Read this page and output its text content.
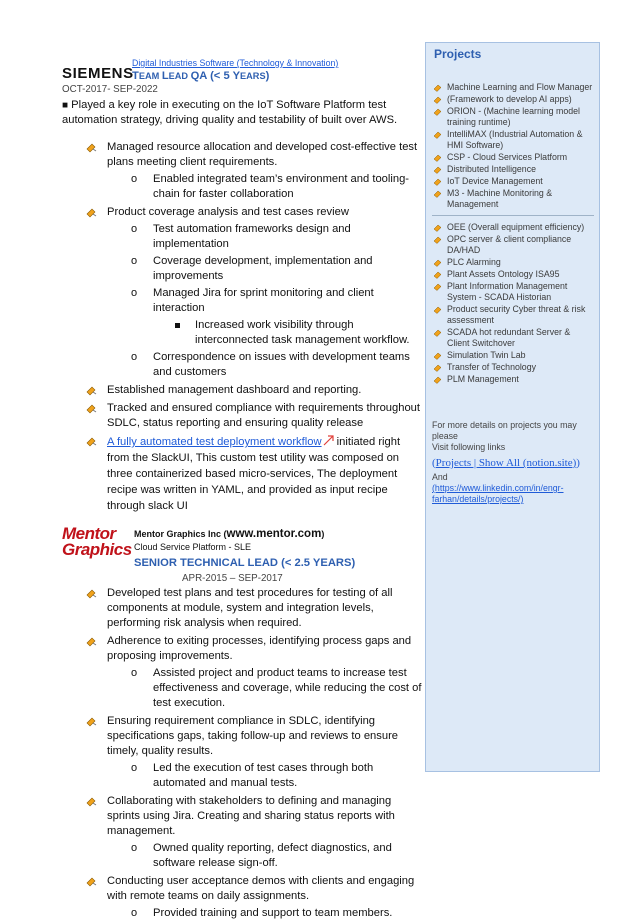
SIEMENS
Digital Industries Software (Technology & Innovation)
TEAM LEAD QA (< 5 YEARS)
OCT-2017- SEP-2022
■ Played a key role in executing on the IoT Software Platform test automation strategy, driving quality and testability of built over AWS.
Managed resource allocation and developed cost-effective test plans meeting client requirements.
o Enabled integrated team’s environment and tooling-chain for faster collaboration
Product coverage analysis and test cases review
o Test automation frameworks design and implementation
o Coverage development, implementation and improvements
o Managed Jira for sprint monitoring and client interaction
Increased work visibility through interconnected task management workflow.
o Correspondence on issues with development teams and customers
Established management dashboard and reporting.
Tracked and ensured compliance with requirements throughout SDLC, status reporting and ensuring quality release
A fully automated test deployment workflow initiated right from the SlackUI, This custom test utility was composed on three containerized based micro-services, The deployment recipe was written in YAML, and provided as input recipe through slack UI
Mentor
Graphics
Mentor Graphics Inc (www.mentor.com)
Cloud Service Platform - SLE
SENIOR TECHNICAL LEAD (< 2.5 YEARS)
APR-2015 – SEP-2017
Developed test plans and test procedures for testing of all components at module, system and integration levels, performing risk analysis when required.
Adherence to exiting processes, identifying process gaps and proposing improvements.
o Assisted project and product teams to increase test effectiveness and coverage, while reducing the cost of test execution.
Ensuring requirement compliance in SDLC, identifying specifications gaps, taking follow-up and reviews to ensure timely, quality results.
o Led the execution of test cases through both automated and manual tests.
Collaborating with stakeholders to defining and managing sprints using Jira. Creating and sharing status reports with management.
o Owned quality reporting, defect diagnostics, and software release sign-off.
Conducting user acceptance demos with clients and engaging with remote teams on daily assignments.
o Provided training and support to team members.
Projects
Machine Learning and Flow Manager
(Framework to develop AI apps)
ORION - (Machine learning model training runtime)
IntelliMAX (Industrial Automation & HMI Software)
CSP - Cloud Services Platform
Distributed Intelligence
IoT Device Management
M3 - Machine Monitoring & Management
OEE (Overall equipment efficiency)
OPC server & client compliance DA/HAD
PLC Alarming
Plant Assets Ontology ISA95
Plant Information Management System - SCADA Historian
Product security Cyber threat & risk assessment
SCADA hot redundant Server & Client Switchover
Simulation Twin Lab
Transfer of Technology
PLM Management
For more details on projects you may please
Visit following links
(Projects | Show All (notion.site))
And
(https://www.linkedin.com/in/engr-farhan/details/projects/)
